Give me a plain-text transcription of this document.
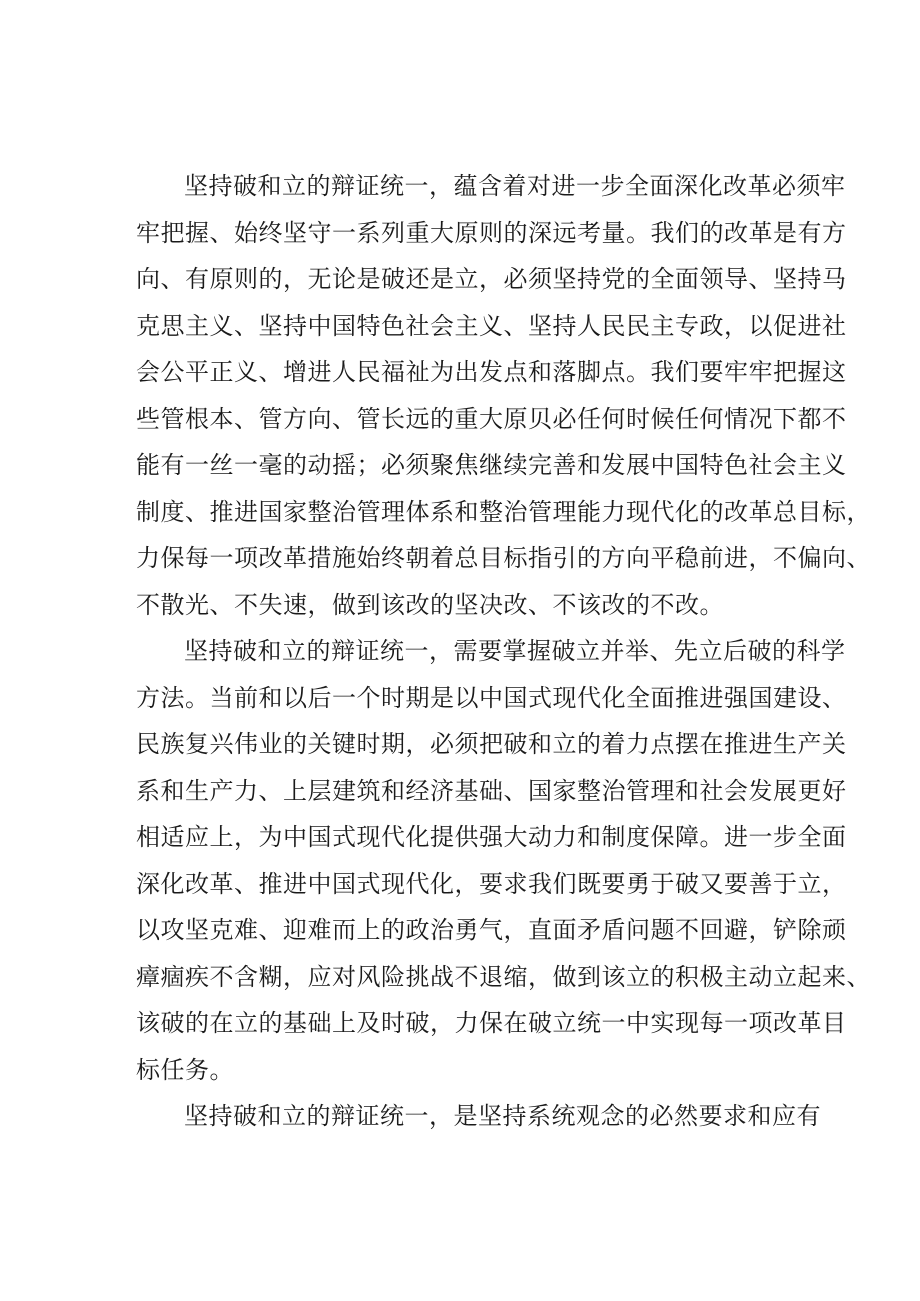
坚持破和立的辩证统一，蕴含着对进一步全面深化改革必须牢
牢把握、始终坚守一系列重大原则的深远考量。我们的改革是有方
向、有原则的，无论是破还是立，必须坚持党的全面领导、坚持马
克思主义、坚持中国特色社会主义、坚持人民民主专政，以促进社
会公平正义、增进人民福祉为出发点和落脚点。我们要牢牢把握这
些管根本、管方向、管长远的重大原贝必任何时候任何情况下都不
能有一丝一毫的动摇；必须聚焦继续完善和发展中国特色社会主义
制度、推进国家整治管理体系和整治管理能力现代化的改革总目标，
力保每一项改革措施始终朝着总目标指引的方向平稳前进，不偏向、
不散光、不失速，做到该改的坚决改、不该改的不改。
坚持破和立的辩证统一，需要掌握破立并举、先立后破的科学
方法。当前和以后一个时期是以中国式现代化全面推进强国建设、
民族复兴伟业的关键时期，必须把破和立的着力点摆在推进生产关
系和生产力、上层建筑和经济基础、国家整治管理和社会发展更好
相适应上，为中国式现代化提供强大动力和制度保障。进一步全面
深化改革、推进中国式现代化，要求我们既要勇于破又要善于立，
以攻坚克难、迎难而上的政治勇气，直面矛盾问题不回避，铲除顽
瘴痼疾不含糊，应对风险挑战不退缩，做到该立的积极主动立起来、
该破的在立的基础上及时破，力保在破立统一中实现每一项改革目
标任务。
坚持破和立的辩证统一，是坚持系统观念的必然要求和应有
